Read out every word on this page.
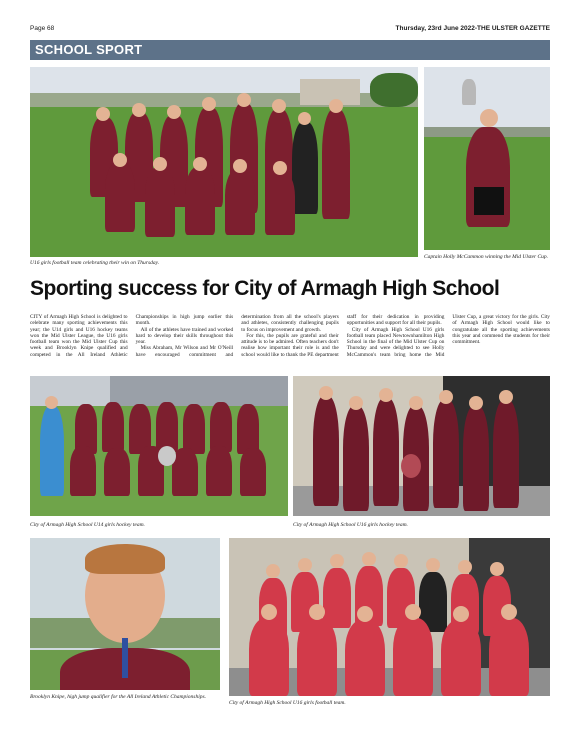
Page 68	Thursday, 23rd June 2022-THE ULSTER GAZETTE
SCHOOL SPORT
U16 girls football team celebrating their win on Thursday.
Captain Holly McCammon winning the Mid Ulster Cup.
Sporting success for City of Armagh High School

CITY of Armagh High School is delighted to celebrate many sporting achievements this year; the U14 girls and U16 hockey teams won the Mid Ulster League, the U16 girls football team won the Mid Ulster Cup this week and Brooklyn Knipe qualified and competed in the All Ireland Athletic Championships in high jump earlier this month.

All of the athletes have trained and worked hard to develop their skills throughout this year.

Miss Abraham, Mr Wilson and Mr O'Neill have encouraged commitment and determination from all the school's players and athletes, consistently challenging pupils to focus on improvement and growth.

For this, the pupils are grateful and their attitude is to be admired. Often teachers don't realise how important their role is and the school would like to thank the PE department staff for their dedication in providing opportunities and support for all their pupils.

City of Armagh High School U16 girls football team placed Newtownhamilton High School in the final of the Mid Ulster Cup on Thursday and were delighted to see Holly McCammon's team bring home the Mid Ulster Cup, a great victory for the girls. City of Armagh High School would like to congratulate all the sporting achievements this year and commend the students for their commitment.

City of Armagh High School U14 girls hockey team.	City of Armagh High School U16 girls hockey team.
Brooklyn Knipe, high jump qualifier for the All Ireland Athletic Championships.
City of Armagh High School U16 girls football team.
